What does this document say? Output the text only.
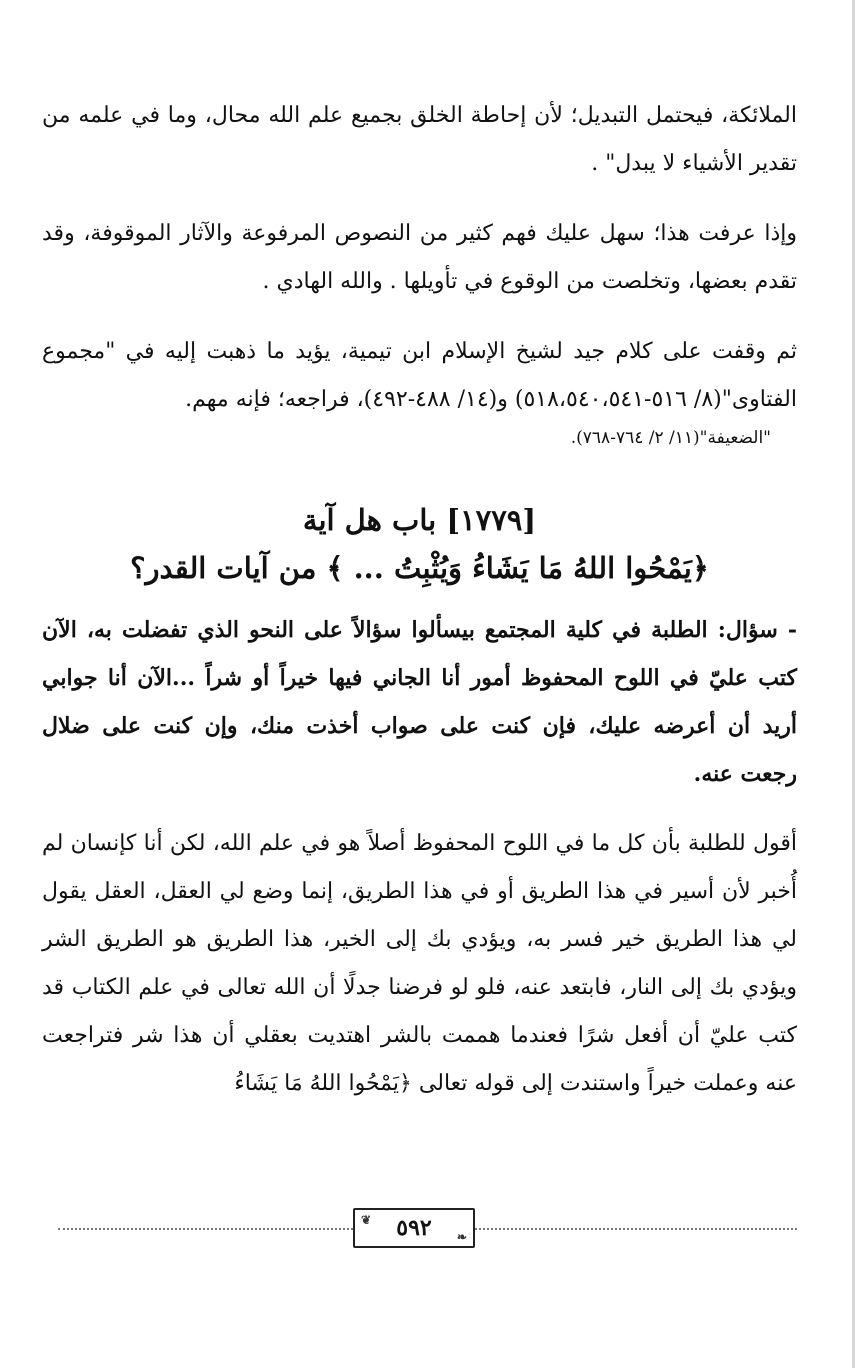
الملائكة، فيحتمل التبديل؛ لأن إحاطة الخلق بجميع علم الله محال، وما في علمه من تقدير الأشياء لا يبدل" .

وإذا عرفت هذا؛ سهل عليك فهم كثير من النصوص المرفوعة والآثار الموقوفة، وقد تقدم بعضها، وتخلصت من الوقوع في تأويلها . والله الهادي .

ثم وقفت على كلام جيد لشيخ الإسلام ابن تيمية، يؤيد ما ذهبت إليه في "مجموع الفتاوى"(٨/ ٥١٦-٥١٨،٥٤٠،٥٤١) و(١٤/ ٤٨٨-٤٩٢)، فراجعه؛ فإنه مهم.

"الضعيفة"(١١/ ٢/ ٧٦٤-٧٦٨).

[١٧٧٩] باب هل آية
﴿يَمْحُوا اللهُ مَا يَشَاءُ وَيُثْبِتُ ... ﴾ من آيات القدر؟

- سؤال: الطلبة في كلية المجتمع بيسألوا سؤالاً على النحو الذي تفضلت به، الآن كتب عليّ في اللوح المحفوظ أمور أنا الجاني فيها خيراً أو شراً ...الآن أنا جوابي أريد أن أعرضه عليك، فإن كنت على صواب أخذت منك، وإن كنت على ضلال رجعت عنه.

أقول للطلبة بأن كل ما في اللوح المحفوظ أصلاً هو في علم الله، لكن أنا كإنسان لم أُخبر لأن أسير في هذا الطريق أو في هذا الطريق، إنما وضع لي العقل، العقل يقول لي هذا الطريق خير فسر به، ويؤدي بك إلى الخير، هذا الطريق هو الطريق الشر ويؤدي بك إلى النار، فابتعد عنه، فلو لو فرضنا جدلًا أن الله تعالى في علم الكتاب قد كتب عليّ أن أفعل شرًا فعندما هممت بالشر اهتديت بعقلي أن هذا شر فتراجعت عنه وعملت خيراً واستندت إلى قوله تعالى ﴿يَمْحُوا اللهُ مَا يَشَاءُ

❦ ٥٩٢ ❧
